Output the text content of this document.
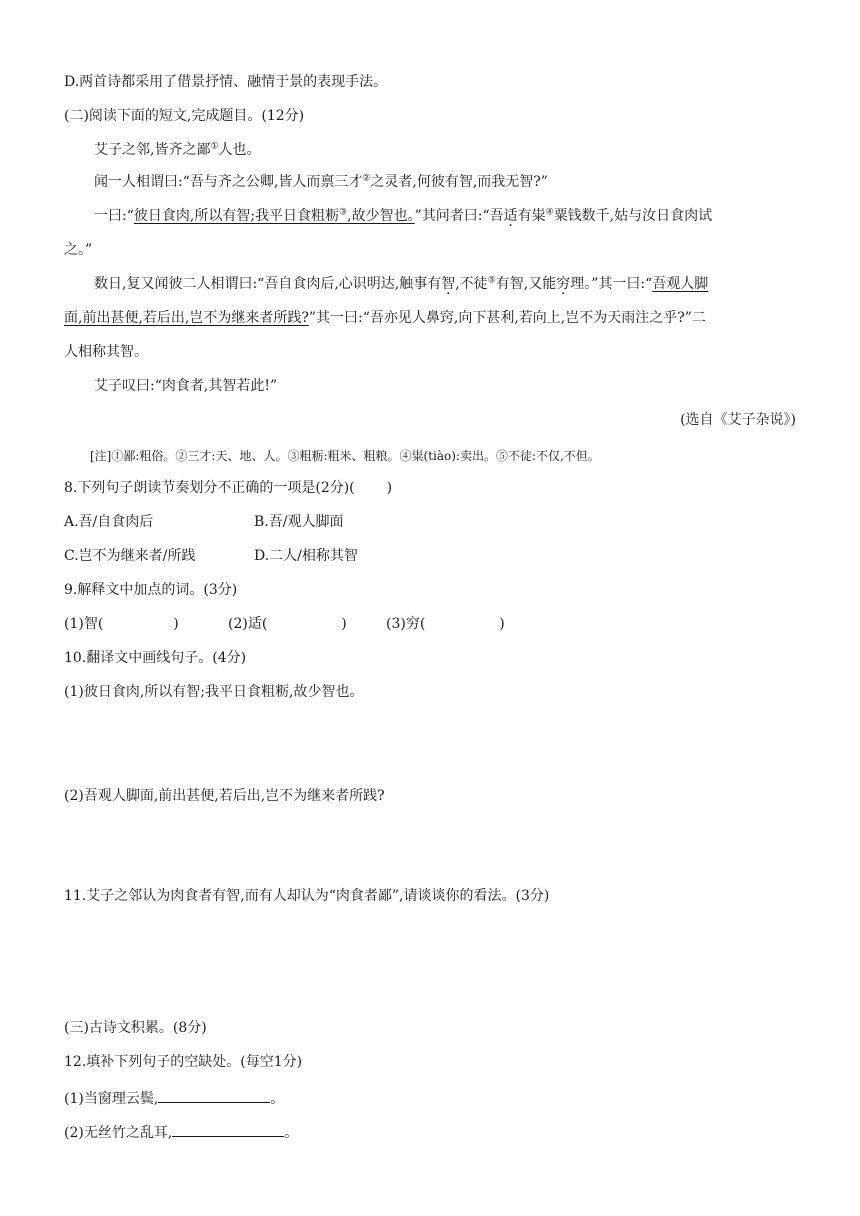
D.两首诗都采用了借景抒情、融情于景的表现手法。
(二)阅读下面的短文,完成题目。(12分)
艾子之邻,皆齐之鄙①人也。
闻一人相谓曰:“吾与齐之公卿,皆人而禀三才②之灵者,何彼有智,而我无智?”
一曰:“彼日食肉,所以有智;我平日食粗粝③,故少智也。”其问者曰:“吾适有粜④粟钱数千,姑与汝日食肉试
之。”
数日,复又闻彼二人相谓曰:“吾自食肉后,心识明达,触事有智,不徒⑤有智,又能穷理。”其一曰:“吾观人脚
面,前出甚便,若后出,岂不为继来者所践?”其一曰:“吾亦见人鼻窍,向下甚利,若向上,岂不为天雨注之乎?”二
人相称其智。
艾子叹曰:“肉食者,其智若此!”
(选自《艾子杂说》)
[注]①鄙:粗俗。②三才:天、地、人。③粗粝:粗米、粗粮。④粜(tiào):卖出。⑤不徒:不仅,不但。
8.下列句子朗读节奏划分不正确的一项是(2分)( )
A.吾/自食肉后	B.吾/观人脚面
C.岂不为继来者/所践	D.二人/相称其智
9.解释文中加点的词。(3分)
(1)智(	)	(2)适(	)	(3)穷(	)
10.翻译文中画线句子。(4分)
(1)彼日食肉,所以有智;我平日食粗粝,故少智也。
(2)吾观人脚面,前出甚便,若后出,岂不为继来者所践?
11.艾子之邻认为肉食者有智,而有人却认为“肉食者鄙”,请谈谈你的看法。(3分)
(三)古诗文积累。(8分)
12.填补下列句子的空缺处。(每空1分)
(1)当窗理云鬓,	。
(2)无丝竹之乱耳,	。
